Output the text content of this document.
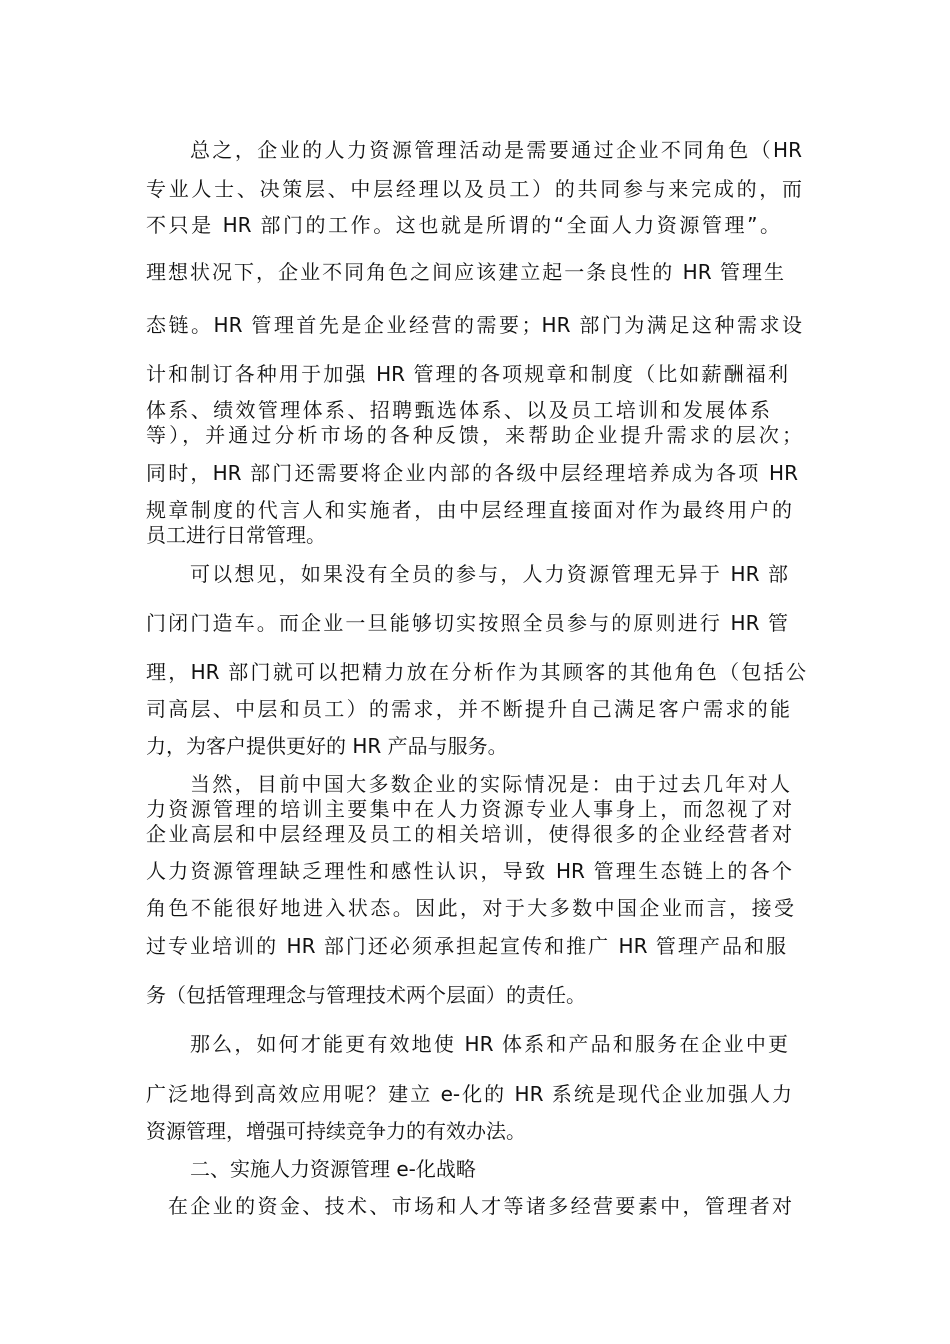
总之，企业的人力资源管理活动是需要通过企业不同角色（HR

专业人士、决策层、中层经理以及员工）的共同参与来完成的，而

不只是 HR 部门的工作。这也就是所谓的“全面人力资源管理”。

理想状况下，企业不同角色之间应该建立起一条良性的 HR 管理生

态链。HR 管理首先是企业经营的需要；HR 部门为满足这种需求设

计和制订各种用于加强 HR 管理的各项规章和制度（比如薪酬福利

体系、绩效管理体系、招聘甄选体系、以及员工培训和发展体系

等），并通过分析市场的各种反馈，来帮助企业提升需求的层次；

同时，HR 部门还需要将企业内部的各级中层经理培养成为各项 HR

规章制度的代言人和实施者，由中层经理直接面对作为最终用户的

员工进行日常管理。

可以想见，如果没有全员的参与，人力资源管理无异于 HR 部

门闭门造车。而企业一旦能够切实按照全员参与的原则进行 HR 管

理，HR 部门就可以把精力放在分析作为其顾客的其他角色（包括公

司高层、中层和员工）的需求，并不断提升自己满足客户需求的能

力，为客户提供更好的 HR 产品与服务。

当然，目前中国大多数企业的实际情况是：由于过去几年对人

力资源管理的培训主要集中在人力资源专业人事身上，而忽视了对

企业高层和中层经理及员工的相关培训，使得很多的企业经营者对

人力资源管理缺乏理性和感性认识，导致 HR 管理生态链上的各个

角色不能很好地进入状态。因此，对于大多数中国企业而言，接受

过专业培训的 HR 部门还必须承担起宣传和推广 HR 管理产品和服

务（包括管理理念与管理技术两个层面）的责任。

那么，如何才能更有效地使 HR 体系和产品和服务在企业中更

广泛地得到高效应用呢？建立 e-化的 HR 系统是现代企业加强人力

资源管理，增强可持续竞争力的有效办法。

二、实施人力资源管理 e-化战略

在企业的资金、技术、市场和人才等诸多经营要素中，管理者对
